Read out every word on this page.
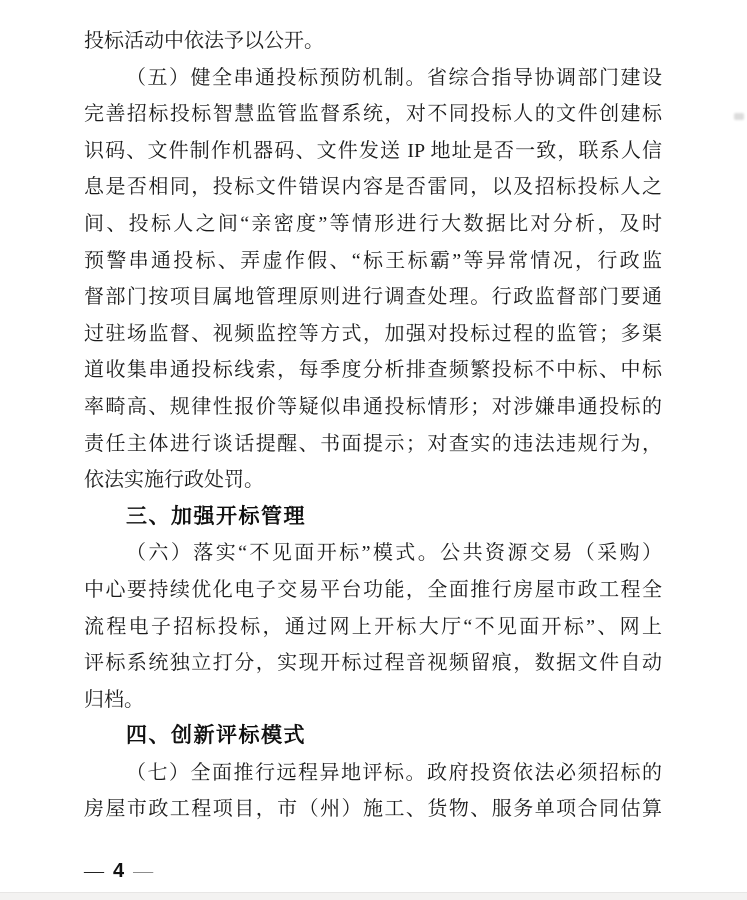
投标活动中依法予以公开。
（五）健全串通投标预防机制。省综合指导协调部门建设
完善招标投标智慧监管监督系统，对不同投标人的文件创建标
识码、文件制作机器码、文件发送 IP 地址是否一致，联系人信
息是否相同，投标文件错误内容是否雷同，以及招标投标人之
间、投标人之间“亲密度”等情形进行大数据比对分析，及时
预警串通投标、弄虚作假、“标王标霸”等异常情况，行政监
督部门按项目属地管理原则进行调查处理。行政监督部门要通
过驻场监督、视频监控等方式，加强对投标过程的监管；多渠
道收集串通投标线索，每季度分析排查频繁投标不中标、中标
率畸高、规律性报价等疑似串通投标情形；对涉嫌串通投标的
责任主体进行谈话提醒、书面提示；对查实的违法违规行为，
依法实施行政处罚。
三、加强开标管理
（六）落实“不见面开标”模式。公共资源交易（采购）
中心要持续优化电子交易平台功能，全面推行房屋市政工程全
流程电子招标投标，通过网上开标大厅“不见面开标”、网上
评标系统独立打分，实现开标过程音视频留痕，数据文件自动
归档。
四、创新评标模式
（七）全面推行远程异地评标。政府投资依法必须招标的
房屋市政工程项目，市（州）施工、货物、服务单项合同估算
— 4 —
